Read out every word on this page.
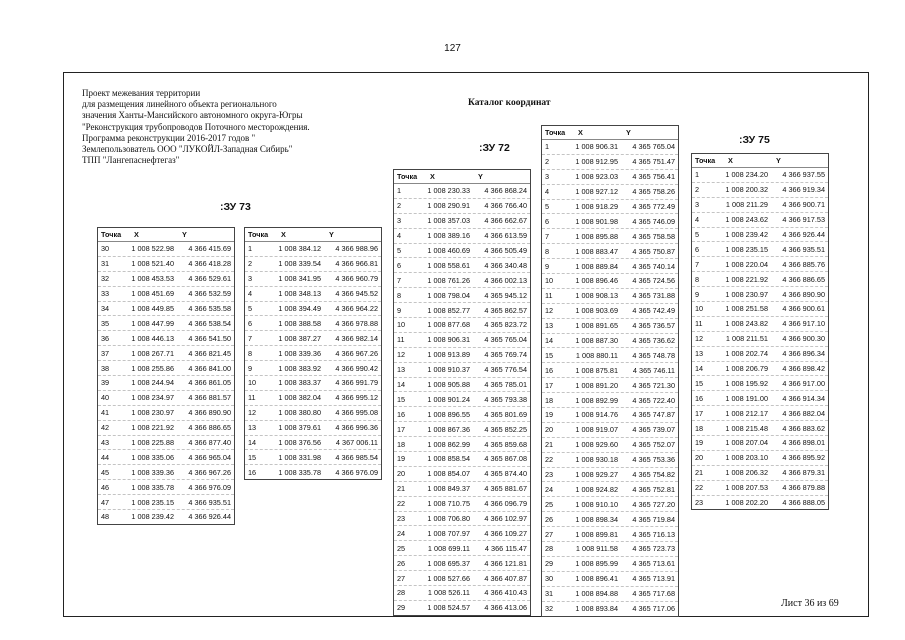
127
Проект межевания территории
для размещения линейного объекта регионального
значения Ханты-Мансийского автономного округа-Югры
"Реконструкция трубопроводов Поточного месторождения.
Программа реконструкции 2016-2017 годов "
Землепользователь ООО "ЛУКОЙЛ-Западная Сибирь"
ТПП "Лангепаснефтегаз"
Каталог координат
:ЗУ 73
:ЗУ 72
:ЗУ 75
Точка	X	Y
30	1 008 522.98	4 366 415.69
31	1 008 521.40	4 366 418.28
32	1 008 453.53	4 366 529.61
33	1 008 451.69	4 366 532.59
34	1 008 449.85	4 366 535.58
35	1 008 447.99	4 366 538.54
36	1 008 446.13	4 366 541.50
37	1 008 267.71	4 366 821.45
38	1 008 255.86	4 366 841.00
39	1 008 244.94	4 366 861.05
40	1 008 234.97	4 366 881.57
41	1 008 230.97	4 366 890.90
42	1 008 221.92	4 366 886.65
43	1 008 225.88	4 366 877.40
44	1 008 335.06	4 366 965.04
45	1 008 339.36	4 366 967.26
46	1 008 335.78	4 366 976.09
47	1 008 235.15	4 366 935.51
48	1 008 239.42	4 366 926.44
Точка	X	Y
1	1 008 384.12	4 366 988.96
2	1 008 339.54	4 366 966.81
3	1 008 341.95	4 366 960.79
4	1 008 348.13	4 366 945.52
5	1 008 394.49	4 366 964.22
6	1 008 388.58	4 366 978.88
7	1 008 387.27	4 366 982.14
8	1 008 339.36	4 366 967.26
9	1 008 383.92	4 366 990.42
10	1 008 383.37	4 366 991.79
11	1 008 382.04	4 366 995.12
12	1 008 380.80	4 366 995.08
13	1 008 379.61	4 366 996.36
14	1 008 376.56	4 367 006.11
15	1 008 331.98	4 366 985.54
16	1 008 335.78	4 366 976.09
Точка	X	Y
1	1 008 230.33	4 366 868.24
2	1 008 290.91	4 366 766.40
3	1 008 357.03	4 366 662.67
4	1 008 389.16	4 366 613.59
5	1 008 460.69	4 366 505.49
6	1 008 558.61	4 366 340.48
7	1 008 761.26	4 366 002.13
8	1 008 798.04	4 365 945.12
9	1 008 852.77	4 365 862.57
10	1 008 877.68	4 365 823.72
11	1 008 906.31	4 365 765.04
12	1 008 913.89	4 365 769.74
13	1 008 910.37	4 365 776.54
14	1 008 905.88	4 365 785.01
15	1 008 901.24	4 365 793.38
16	1 008 896.55	4 365 801.69
17	1 008 867.36	4 365 852.25
18	1 008 862.99	4 365 859.68
19	1 008 858.54	4 365 867.08
20	1 008 854.07	4 365 874.40
21	1 008 849.37	4 365 881.67
22	1 008 710.75	4 366 096.79
23	1 008 706.80	4 366 102.97
24	1 008 707.97	4 366 109.27
25	1 008 699.11	4 366 115.47
26	1 008 695.37	4 366 121.81
27	1 008 527.66	4 366 407.87
28	1 008 526.11	4 366 410.43
29	1 008 524.57	4 366 413.06
Точка	X	Y
1	1 008 906.31	4 365 765.04
2	1 008 912.95	4 365 751.47
3	1 008 923.03	4 365 756.41
4	1 008 927.12	4 365 758.26
5	1 008 918.29	4 365 772.49
6	1 008 901.98	4 365 746.09
7	1 008 895.88	4 365 758.58
8	1 008 883.47	4 365 750.87
9	1 008 889.84	4 365 740.14
10	1 008 896.46	4 365 724.56
11	1 008 908.13	4 365 731.88
12	1 008 903.69	4 365 742.49
13	1 008 891.65	4 365 736.57
14	1 008 887.30	4 365 736.62
15	1 008 880.11	4 365 748.78
16	1 008 875.81	4 365 746.11
17	1 008 891.20	4 365 721.30
18	1 008 892.99	4 365 722.40
19	1 008 914.76	4 365 747.87
20	1 008 919.07	4 365 739.07
21	1 008 929.60	4 365 752.07
22	1 008 930.18	4 365 753.36
23	1 008 929.27	4 365 754.82
24	1 008 924.82	4 365 752.81
25	1 008 910.10	4 365 727.20
26	1 008 898.34	4 365 719.84
27	1 008 899.81	4 365 716.13
28	1 008 911.58	4 365 723.73
29	1 008 895.99	4 365 713.61
30	1 008 896.41	4 365 713.91
31	1 008 894.88	4 365 717.68
32	1 008 893.84	4 365 717.06
Точка	X	Y
1	1 008 234.20	4 366 937.55
2	1 008 200.32	4 366 919.34
3	1 008 211.29	4 366 900.71
4	1 008 243.62	4 366 917.53
5	1 008 239.42	4 366 926.44
6	1 008 235.15	4 366 935.51
7	1 008 220.04	4 366 885.76
8	1 008 221.92	4 366 886.65
9	1 008 230.97	4 366 890.90
10	1 008 251.58	4 366 900.61
11	1 008 243.82	4 366 917.10
12	1 008 211.51	4 366 900.30
13	1 008 202.74	4 366 896.34
14	1 008 206.79	4 366 898.42
15	1 008 195.92	4 366 917.00
16	1 008 191.00	4 366 914.34
17	1 008 212.17	4 366 882.04
18	1 008 215.48	4 366 883.62
19	1 008 207.04	4 366 898.01
20	1 008 203.10	4 366 895.92
21	1 008 206.32	4 366 879.31
22	1 008 207.53	4 366 879.88
23	1 008 202.20	4 366 888.05
Лист 36 из 69
